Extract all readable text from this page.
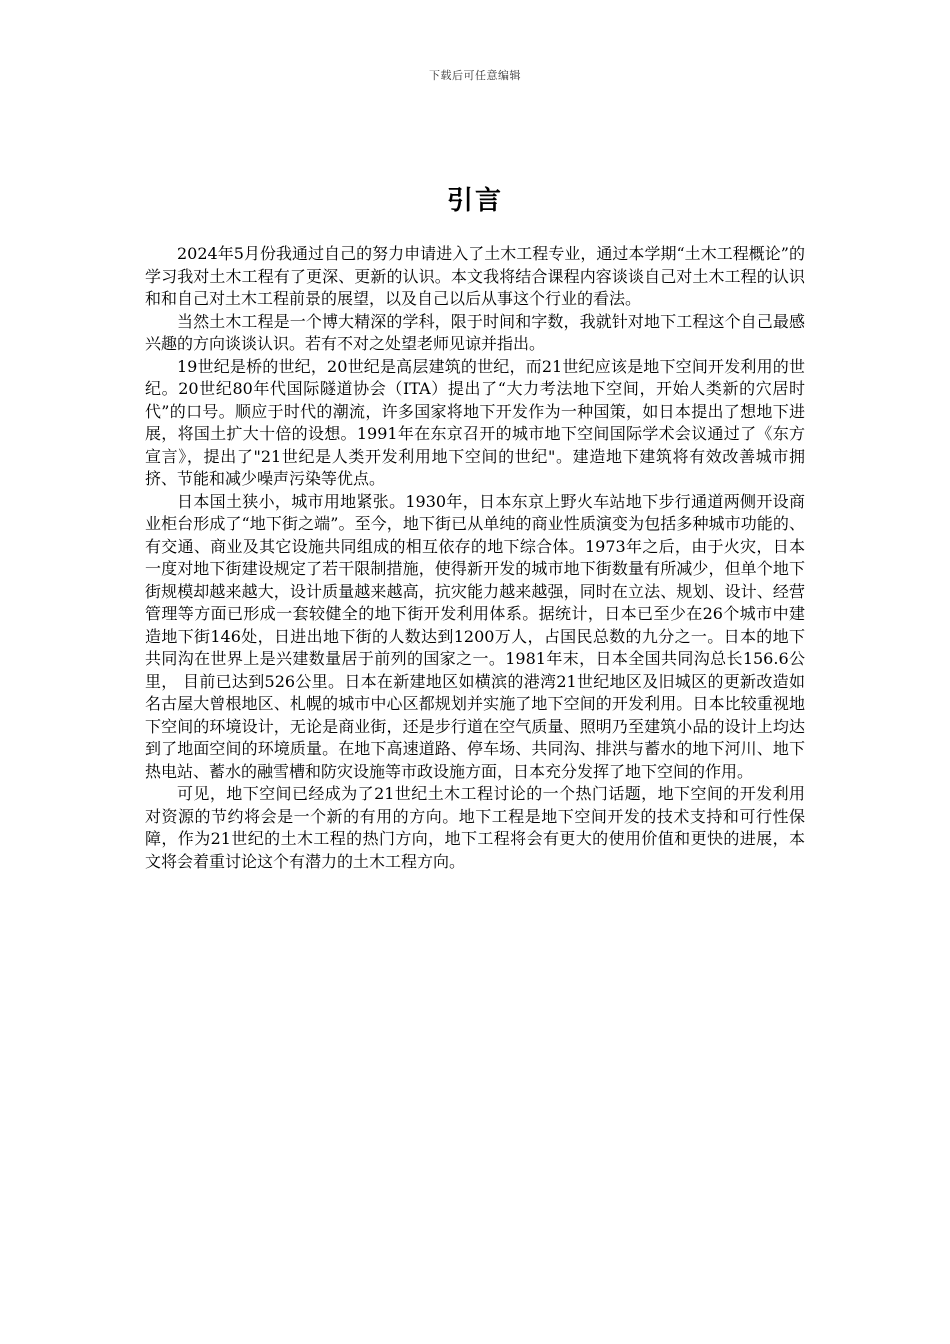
下载后可任意编辑
引言

2024年5月份我通过自己的努力申请进入了土木工程专业，通过本学期“土木工程概论”的学习我对土木工程有了更深、更新的认识。本文我将结合课程内容谈谈自己对土木工程的认识和和自己对土木工程前景的展望，以及自己以后从事这个行业的看法。

当然土木工程是一个博大精深的学科，限于时间和字数，我就针对地下工程这个自己最感兴趣的方向谈谈认识。若有不对之处望老师见谅并指出。

19世纪是桥的世纪，20世纪是高层建筑的世纪，而21世纪应该是地下空间开发利用的世纪。20世纪80年代国际隧道协会（ITA）提出了“大力考法地下空间，开始人类新的穴居时代”的口号。顺应于时代的潮流，许多国家将地下开发作为一种国策，如日本提出了想地下进展，将国土扩大十倍的设想。1991年在东京召开的城市地下空间国际学术会议通过了《东方宣言》，提出了"21世纪是人类开发利用地下空间的世纪"。建造地下建筑将有效改善城市拥挤、节能和减少噪声污染等优点。

日本国土狭小，城市用地紧张。1930年，日本东京上野火车站地下步行通道两侧开设商业柜台形成了“地下街之端”。至今，地下街已从单纯的商业性质演变为包括多种城市功能的、有交通、商业及其它设施共同组成的相互依存的地下综合体。1973年之后，由于火灾，日本一度对地下街建设规定了若干限制措施，使得新开发的城市地下街数量有所减少，但单个地下街规模却越来越大，设计质量越来越高，抗灾能力越来越强，同时在立法、规划、设计、经营管理等方面已形成一套较健全的地下街开发利用体系。据统计，日本已至少在26个城市中建造地下街146处，日进出地下街的人数达到1200万人，占国民总数的九分之一。日本的地下共同沟在世界上是兴建数量居于前列的国家之一。1981年末，日本全国共同沟总长156.6公里， 目前已达到526公里。日本在新建地区如横滨的港湾21世纪地区及旧城区的更新改造如名古屋大曾根地区、札幌的城市中心区都规划并实施了地下空间的开发利用。日本比较重视地下空间的环境设计，无论是商业街，还是步行道在空气质量、照明乃至建筑小品的设计上均达到了地面空间的环境质量。在地下高速道路、停车场、共同沟、排洪与蓄水的地下河川、地下热电站、蓄水的融雪槽和防灾设施等市政设施方面，日本充分发挥了地下空间的作用。

可见，地下空间已经成为了21世纪土木工程讨论的一个热门话题，地下空间的开发利用对资源的节约将会是一个新的有用的方向。地下工程是地下空间开发的技术支持和可行性保障，作为21世纪的土木工程的热门方向，地下工程将会有更大的使用价值和更快的进展，本文将会着重讨论这个有潜力的土木工程方向。
